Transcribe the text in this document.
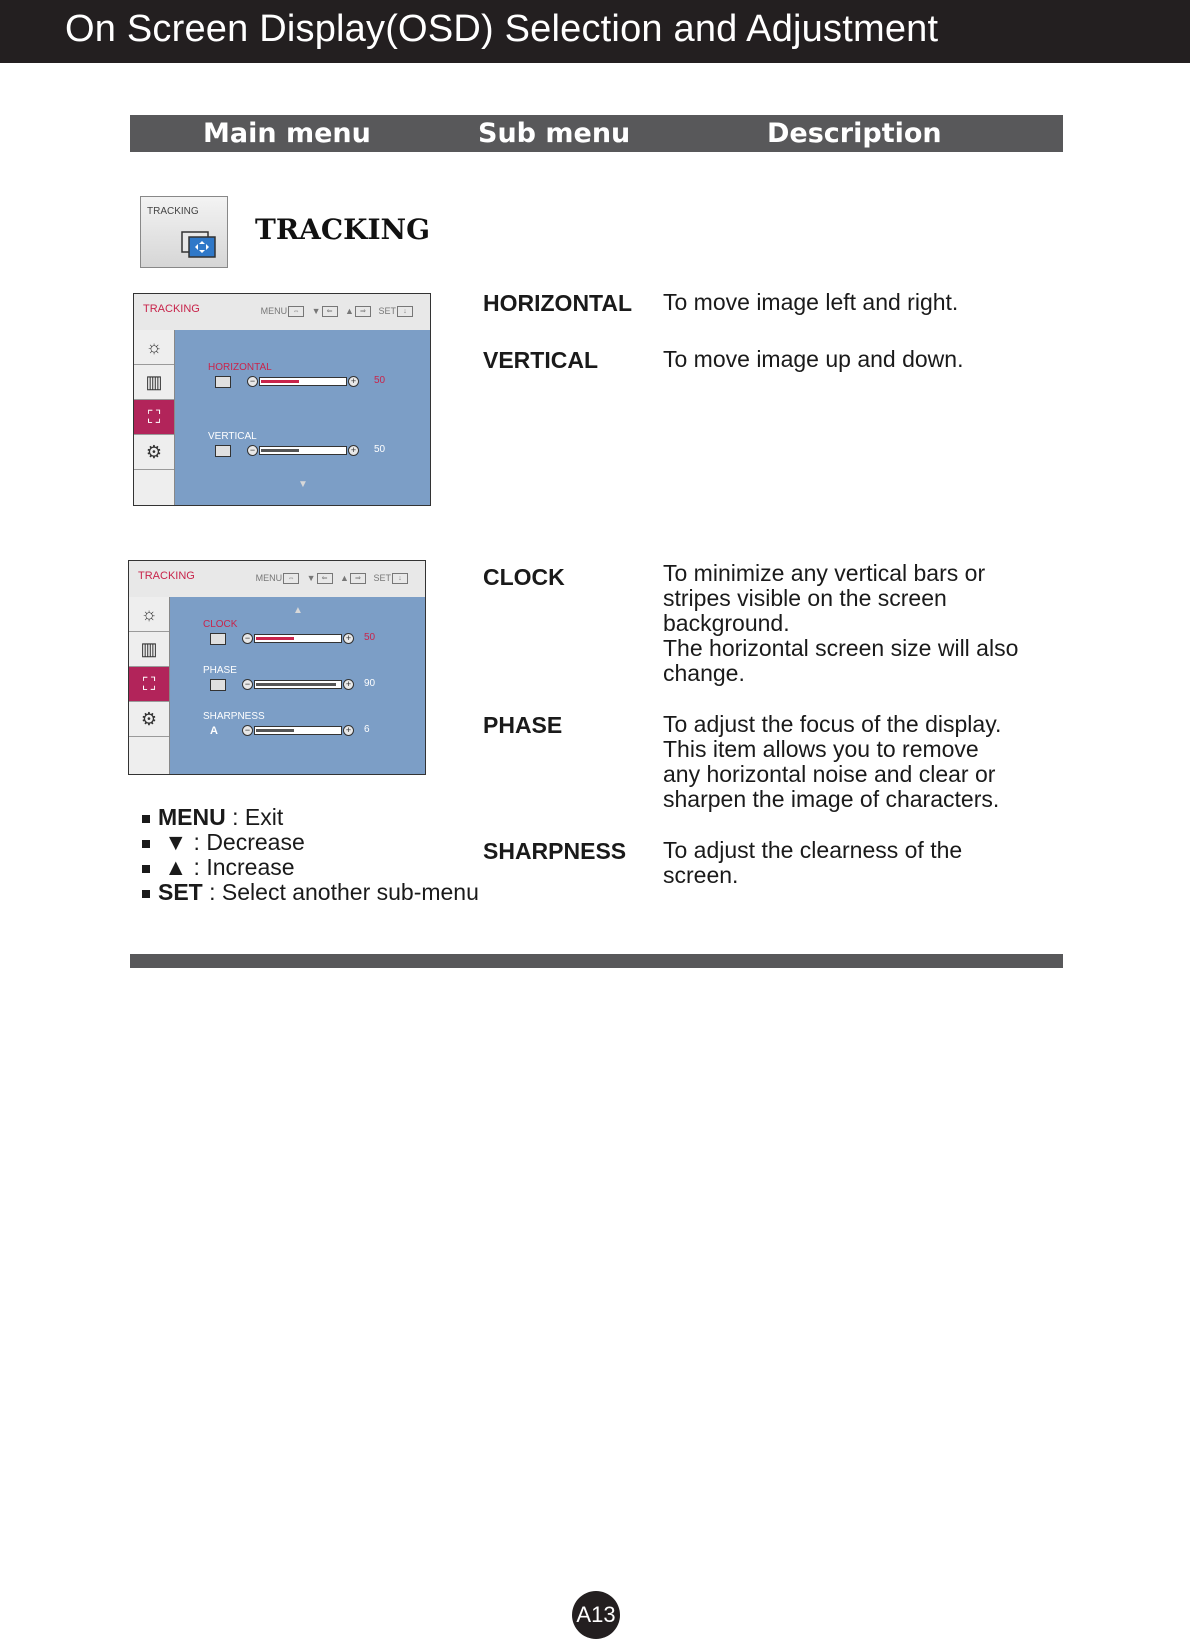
On Screen Display(OSD) Selection and Adjustment
Main menu	Sub menu	Description
TRACKING
TRACKING
TRACKING	MENU ⇔ ▼ ⇐ ▲ ⇒ SET ↓
☼
▥
⛶
⚙
HORIZONTAL
−	+ 50
VERTICAL
−	+ 50
▼
TRACKING	MENU ⇔ ▼ ⇐ ▲ ⇒ SET ↓
☼
▥
⛶
⚙
▲
CLOCK
−	+ 50
PHASE
−	+ 90
SHARPNESS
A	−	+ 6
HORIZONTAL To move image left and right.
VERTICAL	To move image up and down.
CLOCK	To minimize any vertical bars or
stripes visible on the screen
background.
The horizontal screen size will also
change.
PHASE	To adjust the focus of the display.
This item allows you to remove
any horizontal noise and clear or
sharpen the image of characters.
SHARPNESS To adjust the clearness of the
screen.
MENU : Exit
▼ : Decrease
▲ : Increase
SET : Select another sub-menu
A13
